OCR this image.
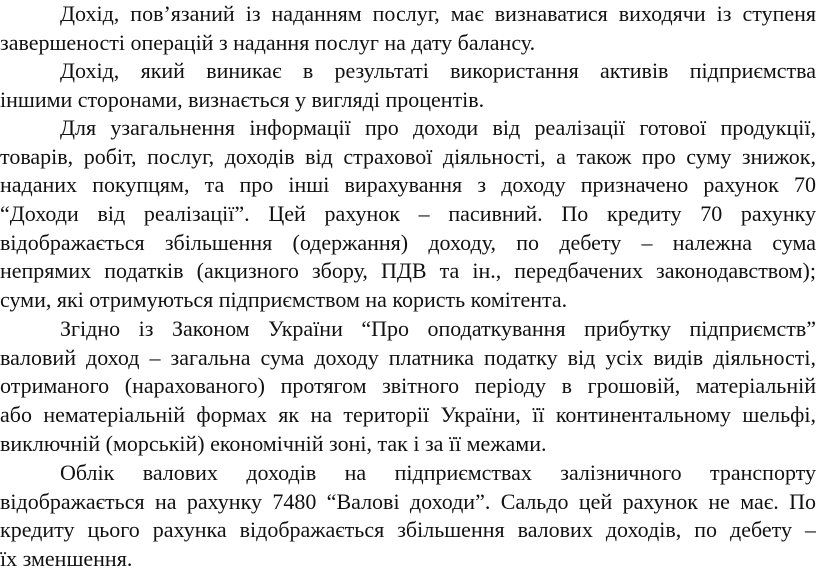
Дохід, пов’язаний із наданням послуг, має визнаватися виходячи із ступеня
завершеності операцій з надання послуг на дату балансу.
Дохід, який виникає в результаті використання активів підприємства
іншими сторонами, визнається у вигляді процентів.
Для узагальнення інформації про доходи від реалізації готової продукції,
товарів, робіт, послуг, доходів від страхової діяльності, а також про суму знижок,
наданих покупцям, та про інші вирахування з доходу призначено рахунок 70
“Доходи від реалізації”. Цей рахунок – пасивний. По кредиту 70 рахунку
відображається збільшення (одержання) доходу, по дебету – належна сума
непрямих податків (акцизного збору, ПДВ та ін., передбачених законодавством);
суми, які отримуються підприємством на користь комітента.
Згідно із Законом України “Про оподаткування прибутку підприємств”
валовий доход – загальна сума доходу платника податку від усіх видів діяльності,
отриманого (нарахованого) протягом звітного періоду в грошовій, матеріальній
або нематеріальній формах як на території України, її континентальному шельфі,
виключній (морській) економічній зоні, так і за її межами.
Облік валових доходів на підприємствах залізничного транспорту
відображається на рахунку 7480 “Валові доходи”. Сальдо цей рахунок не має. По
кредиту цього рахунка відображається збільшення валових доходів, по дебету –
їх зменшення.
